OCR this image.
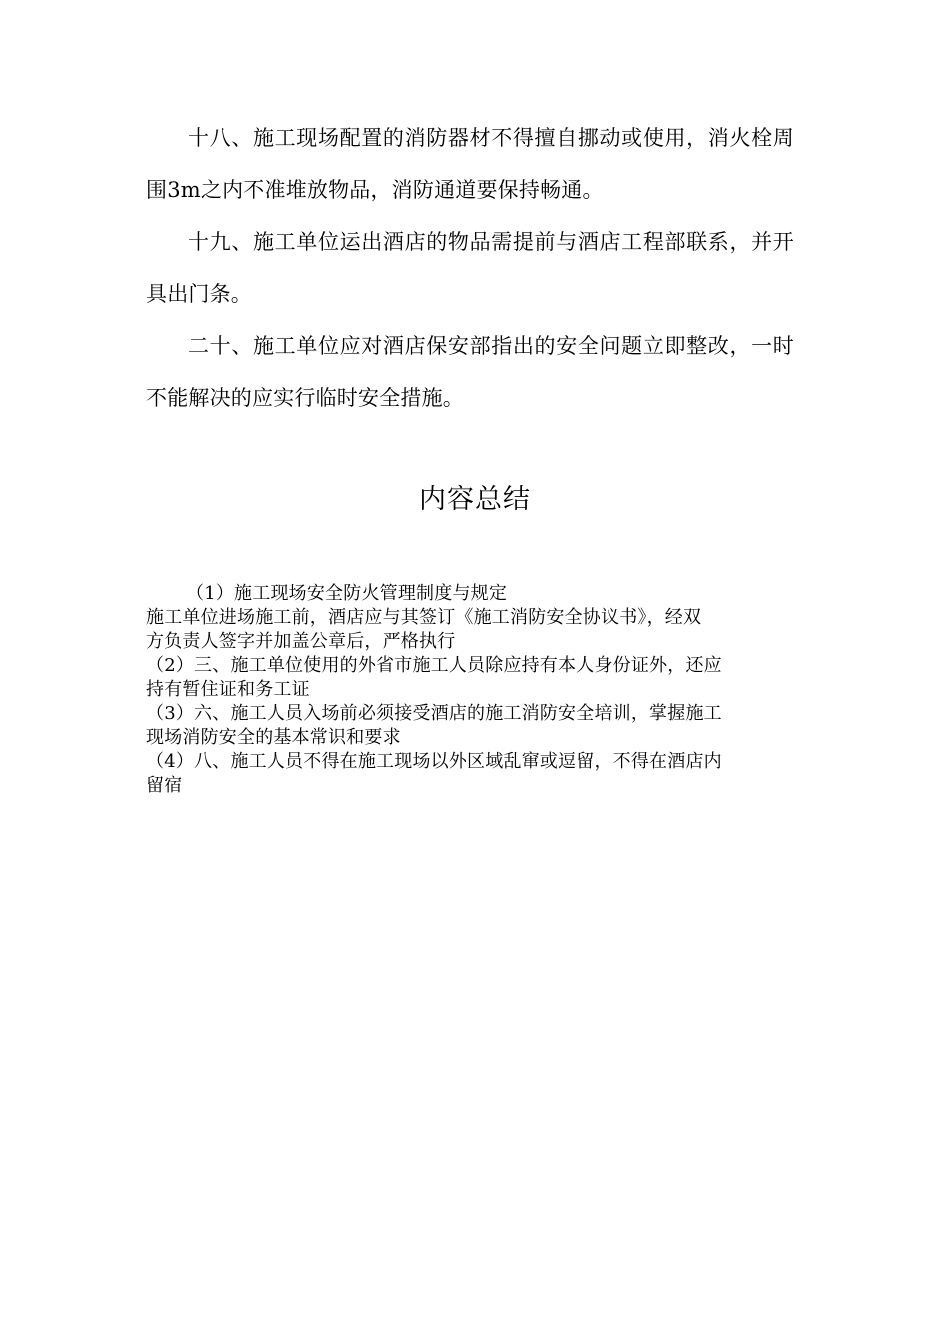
十八、施工现场配置的消防器材不得擅自挪动或使用，消火栓周围3m之内不准堆放物品，消防通道要保持畅通。

十九、施工单位运出酒店的物品需提前与酒店工程部联系，并开具出门条。

二十、施工单位应对酒店保安部指出的安全问题立即整改，一时不能解决的应实行临时安全措施。

内容总结

（1）施工现场安全防火管理制度与规定

施工单位进场施工前，酒店应与其签订《施工消防安全协议书》，经双

方负责人签字并加盖公章后，严格执行

（2）三、施工单位使用的外省市施工人员除应持有本人身份证外，还应

持有暂住证和务工证

（3）六、施工人员入场前必须接受酒店的施工消防安全培训，掌握施工

现场消防安全的基本常识和要求

（4）八、施工人员不得在施工现场以外区域乱窜或逗留，不得在酒店内

留宿
